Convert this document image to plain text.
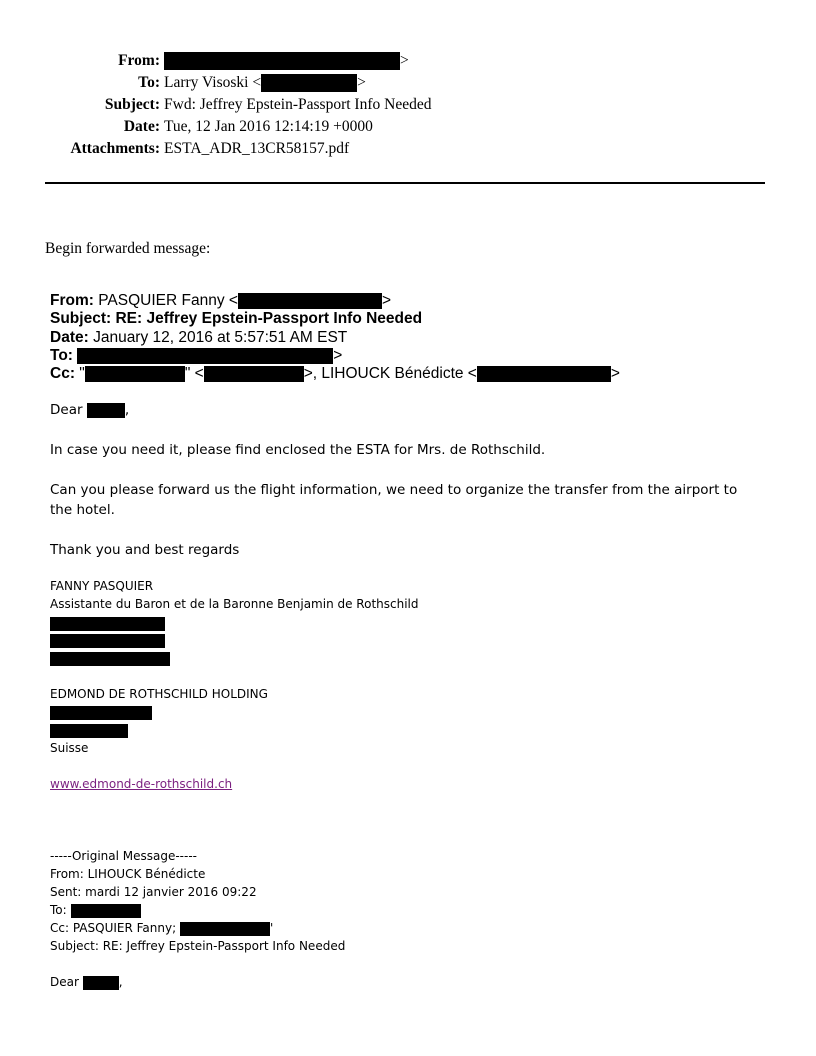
From:	>
To: Larry Visoski <	>
Subject: Fwd: Jeffrey Epstein-Passport Info Needed
Date: Tue, 12 Jan 2016 12:14:19 +0000
Attachments: ESTA_ADR_13CR58157.pdf
Begin forwarded message:
From: PASQUIER Fanny <	>
Subject: RE: Jeffrey Epstein-Passport Info Needed
Date: January 12, 2016 at 5:57:51 AM EST
To:	>
Cc: "	" <	>, LIHOUCK Bénédicte <	>
Dear	,
In case you need it, please find enclosed the ESTA for Mrs. de Rothschild.
Can you please forward us the flight information, we need to organize the transfer from the airport to the hotel.
Thank you and best regards
FANNY PASQUIER
Assistante du Baron et de la Baronne Benjamin de Rothschild
EDMOND DE ROTHSCHILD HOLDING
Suisse
www.edmond-de-rothschild.ch
-----Original Message-----
From: LIHOUCK Bénédicte
Sent: mardi 12 janvier 2016 09:22
To:
Cc: PASQUIER Fanny;	'
Subject: RE: Jeffrey Epstein-Passport Info Needed
Dear	,
